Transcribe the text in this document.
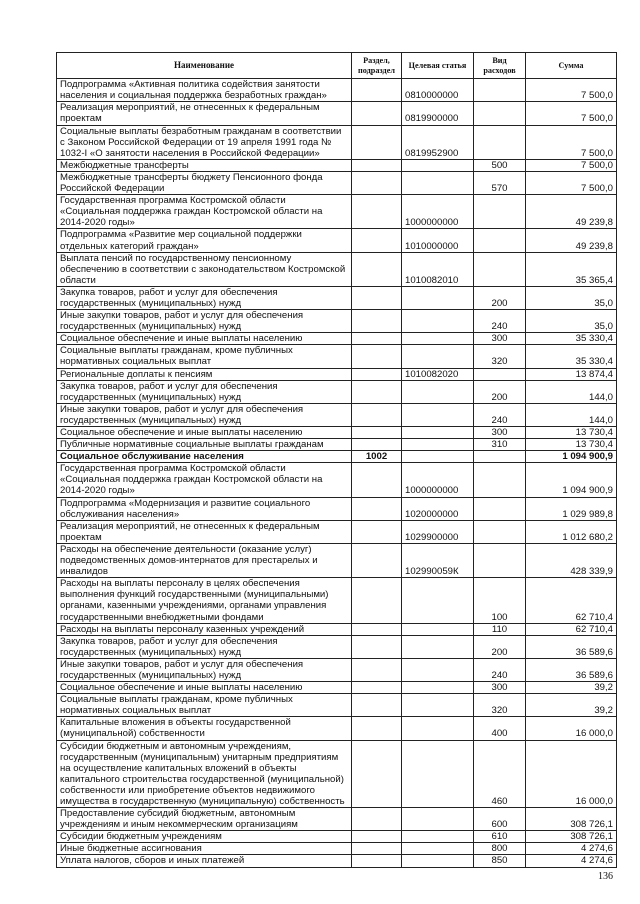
Наименование	Раздел, подраздел	Целевая статья	Вид расходов	Сумма
Подпрограмма «Активная политика содействия занятости населения и социальная поддержка безработных граждан»		0810000000		7 500,0
Реализация мероприятий, не отнесенных к федеральным проектам		0819900000		7 500,0
Социальные выплаты безработным гражданам в соответствии с Законом Российской Федерации от 19 апреля 1991 года № 1032-I «О занятости населения в Российской Федерации»		0819952900		7 500,0
Межбюджетные трансферты			500	7 500,0
Межбюджетные трансферты бюджету Пенсионного фонда Российской Федерации			570	7 500,0
Государственная программа Костромской области «Социальная поддержка граждан Костромской области на 2014-2020 годы»		1000000000		49 239,8
Подпрограмма «Развитие мер социальной поддержки отдельных категорий граждан»		1010000000		49 239,8
Выплата пенсий по государственному пенсионному обеспечению в соответствии с законодательством Костромской области		1010082010		35 365,4
Закупка товаров, работ и услуг для обеспечения государственных (муниципальных) нужд			200	35,0
Иные закупки товаров, работ и услуг для обеспечения государственных (муниципальных) нужд			240	35,0
Социальное обеспечение и иные выплаты населению			300	35 330,4
Социальные выплаты гражданам, кроме публичных нормативных социальных выплат			320	35 330,4
Региональные доплаты к пенсиям		1010082020		13 874,4
Закупка товаров, работ и услуг для обеспечения государственных (муниципальных) нужд			200	144,0
Иные закупки товаров, работ и услуг для обеспечения государственных (муниципальных) нужд			240	144,0
Социальное обеспечение и иные выплаты населению			300	13 730,4
Публичные нормативные социальные выплаты гражданам			310	13 730,4
Социальное обслуживание населения	1002			1 094 900,9
Государственная программа Костромской области «Социальная поддержка граждан Костромской области на 2014-2020 годы»		1000000000		1 094 900,9
Подпрограмма «Модернизация и развитие социального обслуживания населения»		1020000000		1 029 989,8
Реализация мероприятий, не отнесенных к федеральным проектам		1029900000		1 012 680,2
Расходы на обеспечение деятельности (оказание услуг) подведомственных домов-интернатов для престарелых и инвалидов		102990059К		428 339,9
Расходы на выплаты персоналу в целях обеспечения выполнения функций государственными (муниципальными) органами, казенными учреждениями, органами управления государственными внебюджетными фондами			100	62 710,4
Расходы на выплаты персоналу казенных учреждений			110	62 710,4
Закупка товаров, работ и услуг для обеспечения государственных (муниципальных) нужд			200	36 589,6
Иные закупки товаров, работ и услуг для обеспечения государственных (муниципальных) нужд			240	36 589,6
Социальное обеспечение и иные выплаты населению			300	39,2
Социальные выплаты гражданам, кроме публичных нормативных социальных выплат			320	39,2
Капитальные вложения в объекты государственной (муниципальной) собственности			400	16 000,0
Субсидии бюджетным и автономным учреждениям, государственным (муниципальным) унитарным предприятиям на осуществление капитальных вложений в объекты капитального строительства государственной (муниципальной) собственности или приобретение объектов недвижимого имущества в государственную (муниципальную) собственность			460	16 000,0
Предоставление субсидий бюджетным, автономным учреждениям и иным некоммерческим организациям			600	308 726,1
Субсидии бюджетным учреждениям			610	308 726,1
Иные бюджетные ассигнования			800	4 274,6
Уплата налогов, сборов и иных платежей			850	4 274,6
136
